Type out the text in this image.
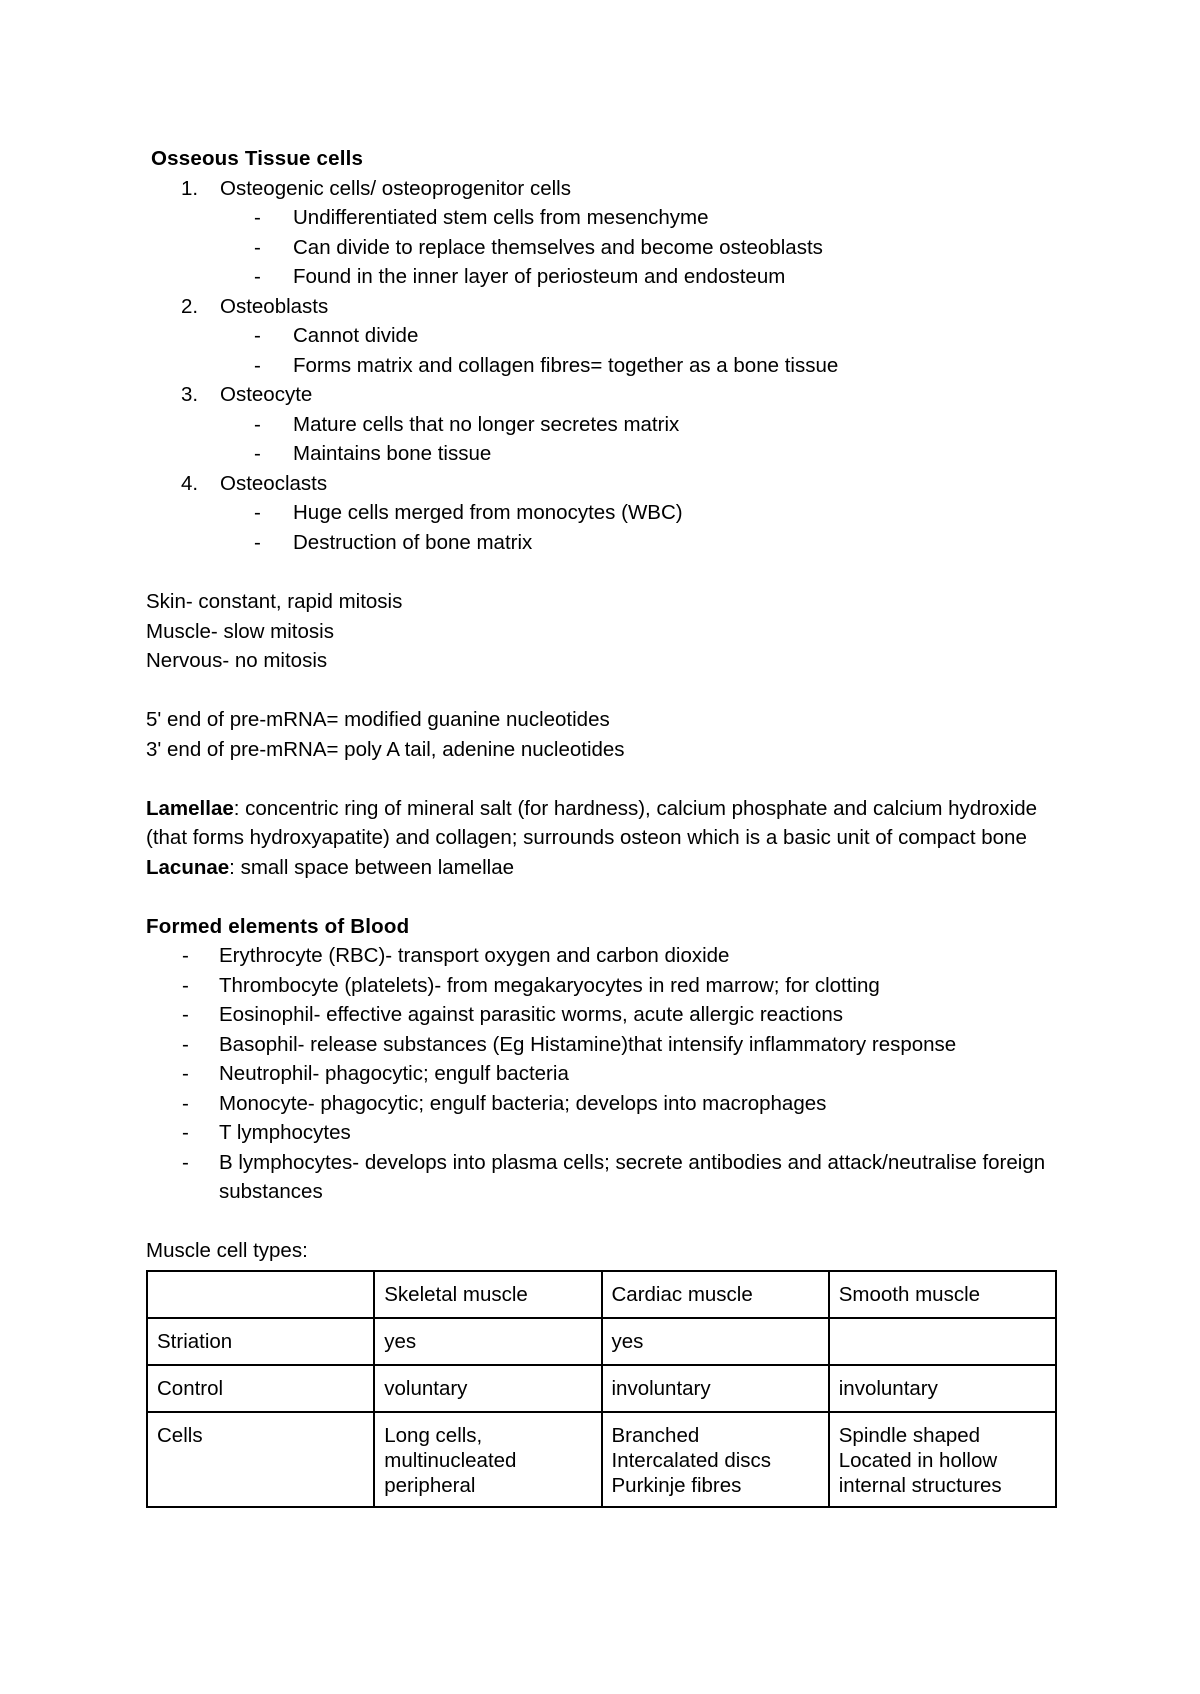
Osseous Tissue cells

1. Osteogenic cells/ osteoprogenitor cells
- Undifferentiated stem cells from mesenchyme
- Can divide to replace themselves and become osteoblasts
- Found in the inner layer of periosteum and endosteum
2. Osteoblasts
- Cannot divide
- Forms matrix and collagen fibres= together as a bone tissue
3. Osteocyte
- Mature cells that no longer secretes matrix
- Maintains bone tissue
4. Osteoclasts
- Huge cells merged from monocytes (WBC)
- Destruction of bone matrix

Skin- constant, rapid mitosis

Muscle- slow mitosis

Nervous- no mitosis

5' end of pre-mRNA= modified guanine nucleotides

3' end of pre-mRNA= poly A tail, adenine nucleotides

Lamellae: concentric ring of mineral salt (for hardness), calcium phosphate and calcium hydroxide (that forms hydroxyapatite) and collagen; surrounds osteon which is a basic unit of compact bone

Lacunae: small space between lamellae

Formed elements of Blood

- Erythrocyte (RBC)- transport oxygen and carbon dioxide
- Thrombocyte (platelets)- from megakaryocytes in red marrow; for clotting
- Eosinophil- effective against parasitic worms, acute allergic reactions
- Basophil- release substances (Eg Histamine)that intensify inflammatory response
- Neutrophil- phagocytic; engulf bacteria
- Monocyte- phagocytic; engulf bacteria; develops into macrophages
- T lymphocytes
- B lymphocytes- develops into plasma cells; secrete antibodies and attack/neutralise foreign substances

Muscle cell types:

	Skeletal muscle	Cardiac muscle	Smooth muscle
Striation	yes	yes	
Control	voluntary	involuntary	involuntary
Cells	Long cells,
multinucleated
peripheral	Branched
Intercalated discs
Purkinje fibres	Spindle shaped
Located in hollow
internal structures
